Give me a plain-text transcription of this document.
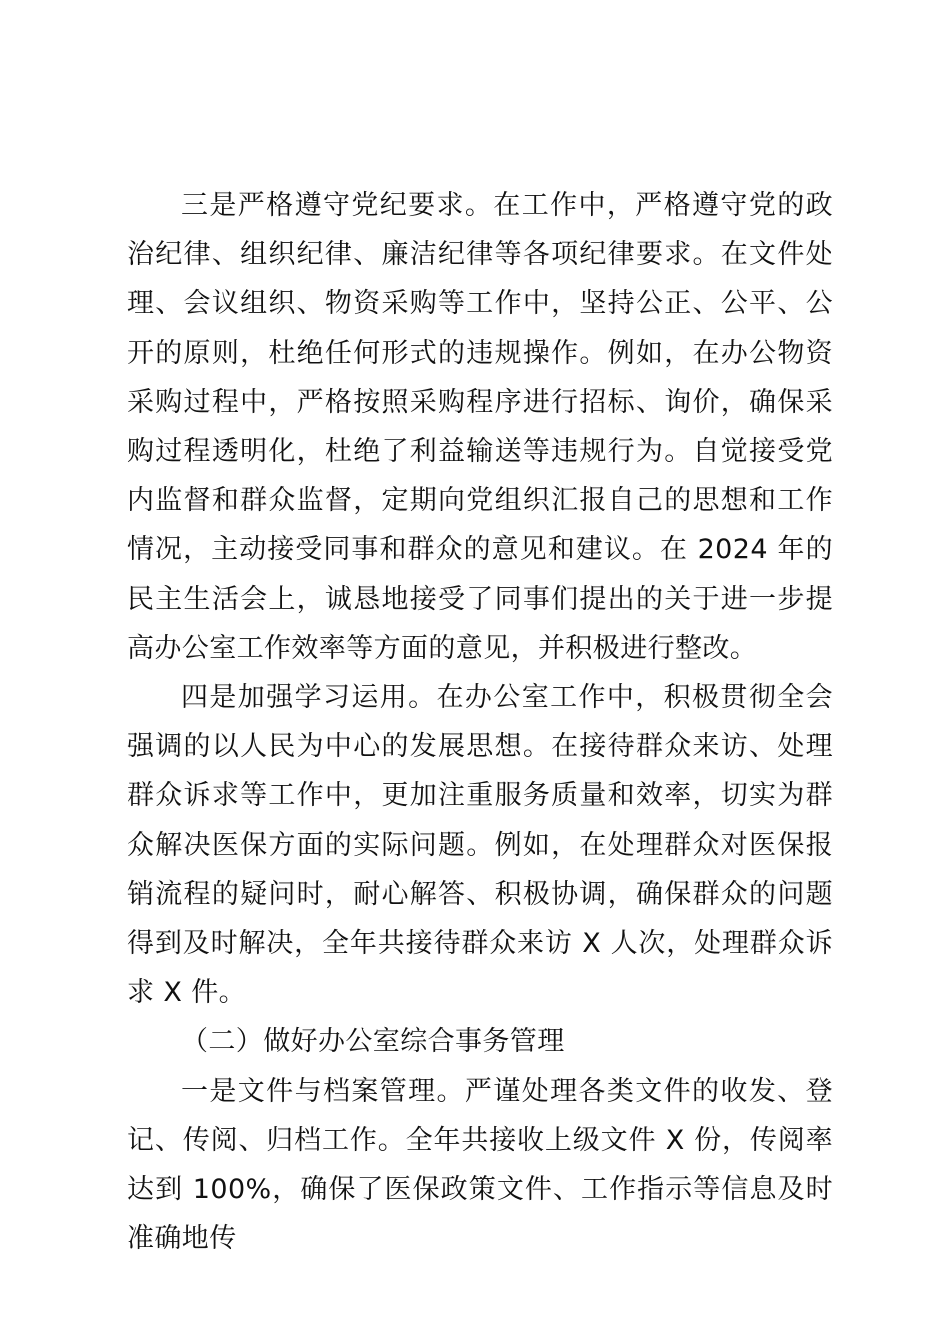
三是严格遵守党纪要求。在工作中，严格遵守党的政治纪律、组织纪律、廉洁纪律等各项纪律要求。在文件处理、会议组织、物资采购等工作中，坚持公正、公平、公开的原则，杜绝任何形式的违规操作。例如，在办公物资采购过程中，严格按照采购程序进行招标、询价，确保采购过程透明化，杜绝了利益输送等违规行为。自觉接受党内监督和群众监督，定期向党组织汇报自己的思想和工作情况，主动接受同事和群众的意见和建议。在 2024 年的民主生活会上，诚恳地接受了同事们提出的关于进一步提高办公室工作效率等方面的意见，并积极进行整改。

四是加强学习运用。在办公室工作中，积极贯彻全会强调的以人民为中心的发展思想。在接待群众来访、处理群众诉求等工作中，更加注重服务质量和效率，切实为群众解决医保方面的实际问题。例如，在处理群众对医保报销流程的疑问时，耐心解答、积极协调，确保群众的问题得到及时解决，全年共接待群众来访 X 人次，处理群众诉求 X 件。

（二）做好办公室综合事务管理

一是文件与档案管理。严谨处理各类文件的收发、登记、传阅、归档工作。全年共接收上级文件 X 份，传阅率达到 100%，确保了医保政策文件、工作指示等信息及时准确地传
